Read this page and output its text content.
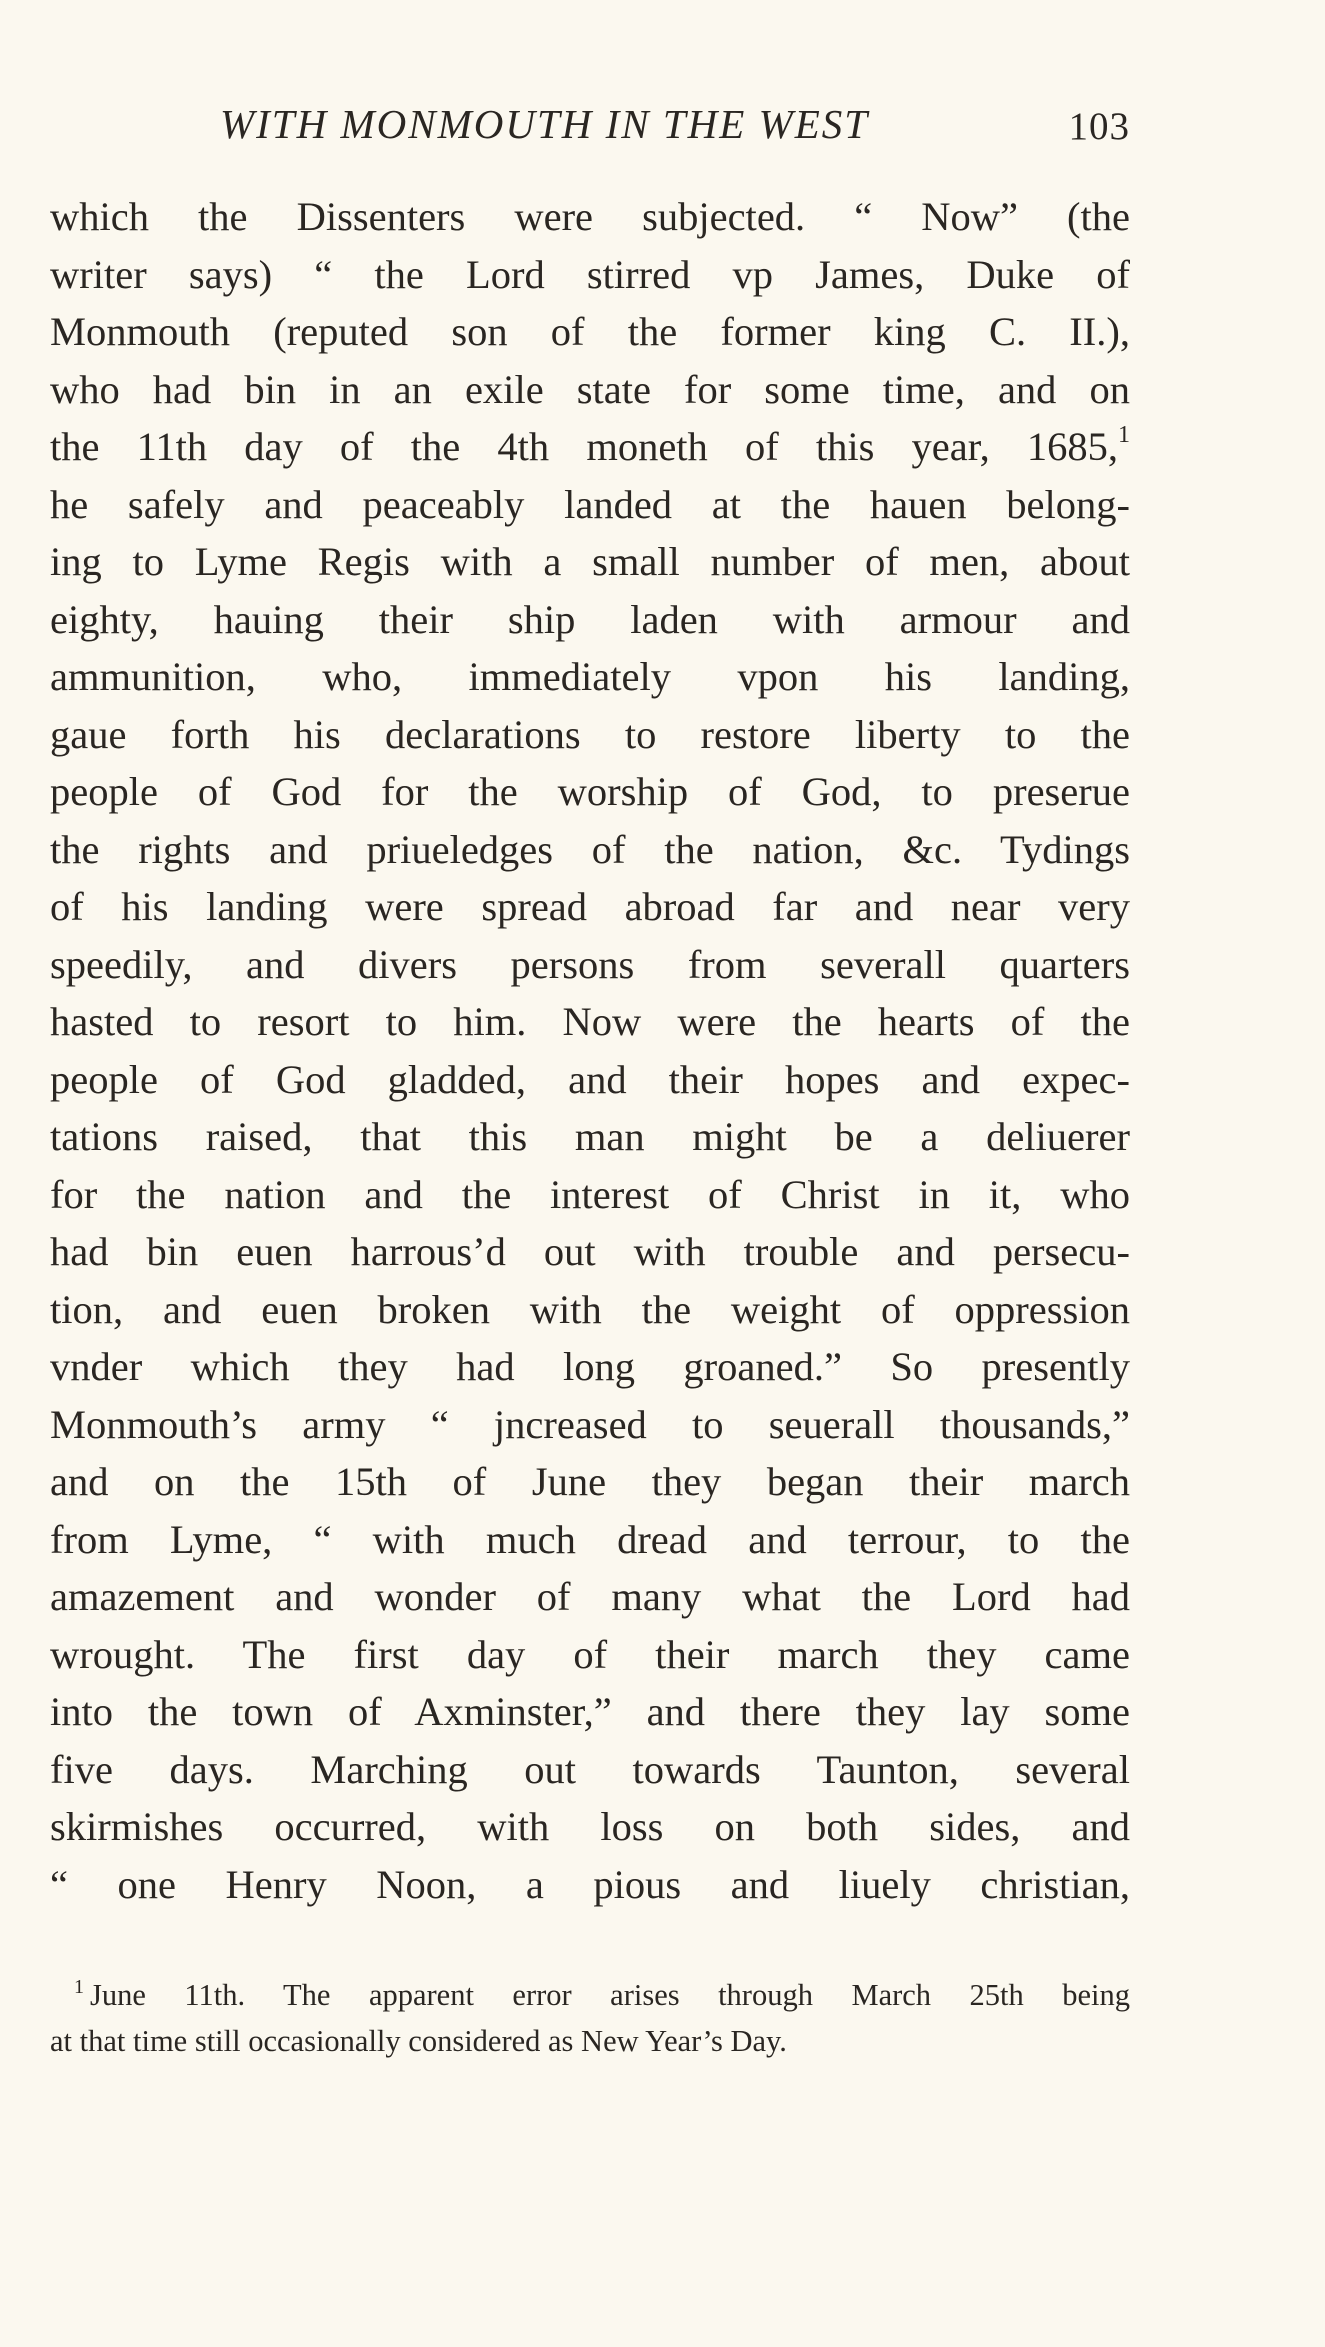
WITH MONMOUTH IN THE WEST	103
which the Dissenters were subjected. “ Now” (the
writer says) “ the Lord stirred vp James, Duke of
Monmouth (reputed son of the former king C. II.),
who had bin in an exile state for some time, and on
the 11th day of the 4th moneth of this year, 1685,$^1$
he safely and peaceably landed at the hauen belong-
ing to Lyme Regis with a small number of men, about
eighty, hauing their ship laden with armour and
ammunition, who, immediately vpon his landing,
gaue forth his declarations to restore liberty to the
people of God for the worship of God, to preserue
the rights and priueledges of the nation, &c. Tydings
of his landing were spread abroad far and near very
speedily, and divers persons from severall quarters
hasted to resort to him. Now were the hearts of the
people of God gladded, and their hopes and expec-
tations raised, that this man might be a deliuerer
for the nation and the interest of Christ in it, who
had bin euen harrous’d out with trouble and persecu-
tion, and euen broken with the weight of oppression
vnder which they had long groaned.” So presently
Monmouth’s army “ jncreased to seuerall thousands,”
and on the 15th of June they began their march
from Lyme, “ with much dread and terrour, to the
amazement and wonder of many what the Lord had
wrought. The first day of their march they came
into the town of Axminster,” and there they lay some
five days. Marching out towards Taunton, several
skirmishes occurred, with loss on both sides, and
“ one Henry Noon, a pious and liuely christian,
$^1$ June 11th. The apparent error arises through March 25th being
at that time still occasionally considered as New Year’s Day.
